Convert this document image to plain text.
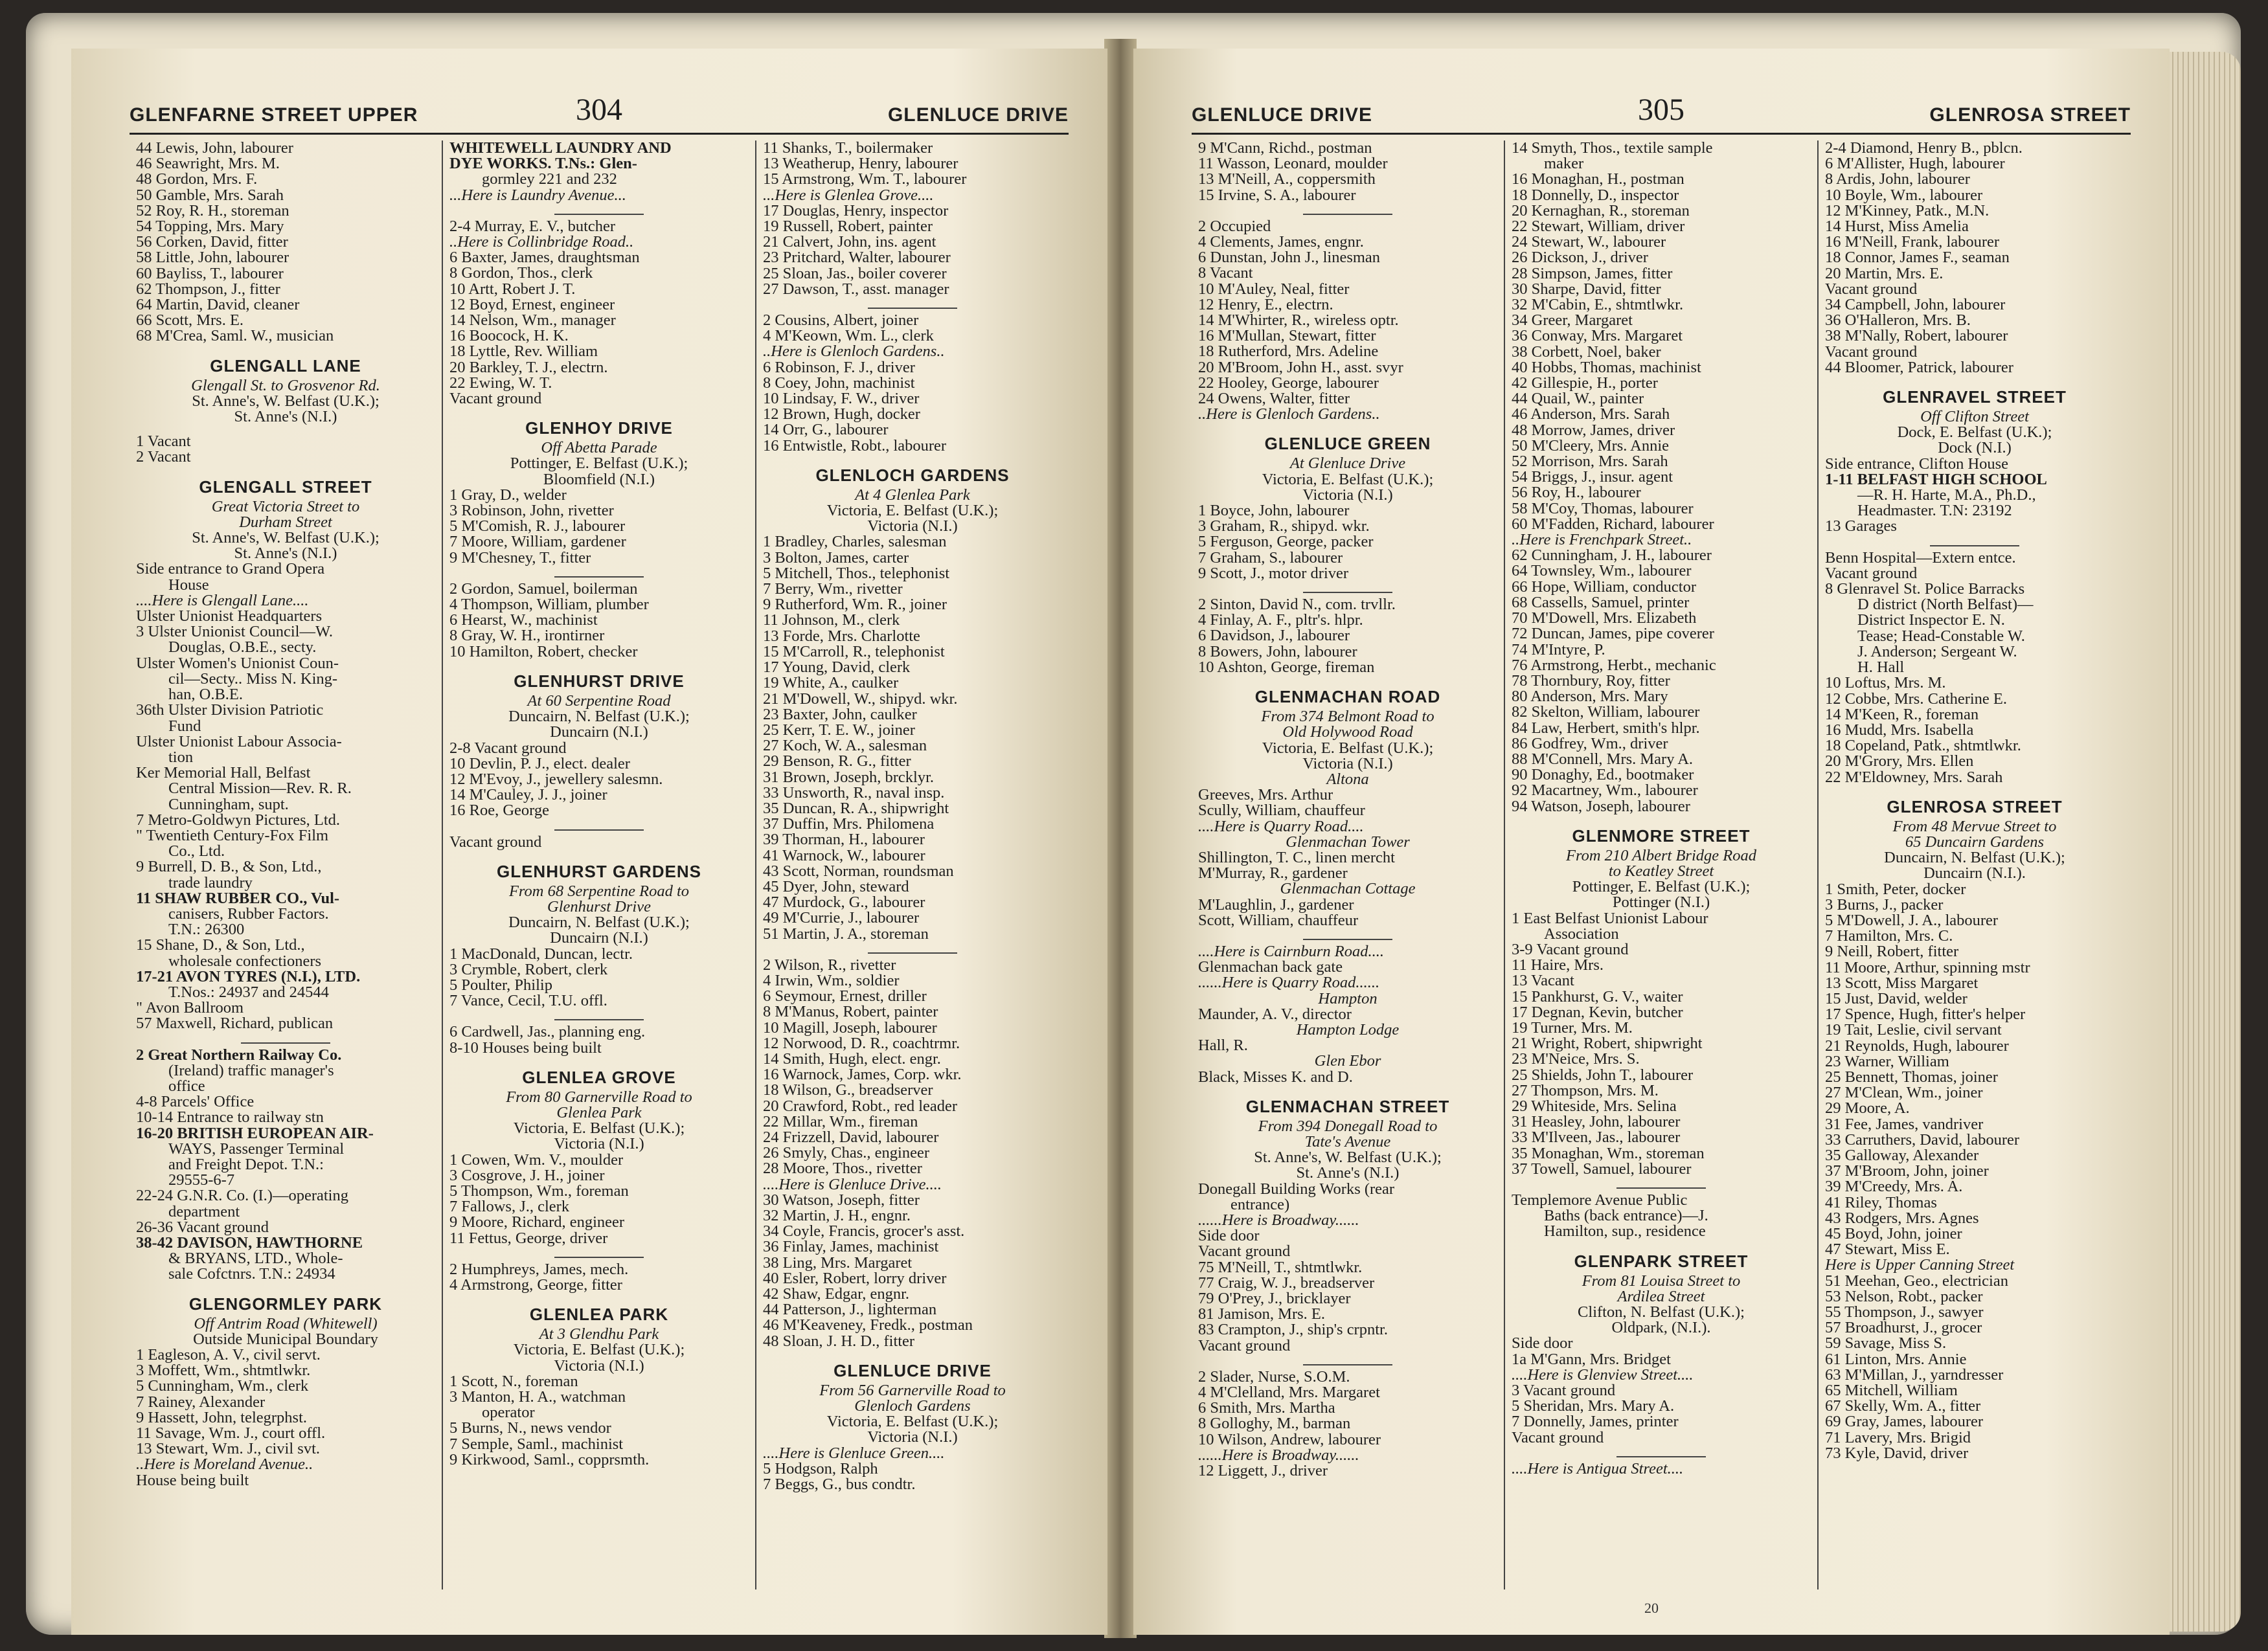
GLENFARNE STREET UPPER	304	GLENLUCE DRIVE
44 Lewis, John, labourer
46 Seawright, Mrs. M.
48 Gordon, Mrs. F.
50 Gamble, Mrs. Sarah
52 Roy, R. H., storeman
54 Topping, Mrs. Mary
56 Corken, David, fitter
58 Little, John, labourer
60 Bayliss, T., labourer
62 Thompson, J., fitter
64 Martin, David, cleaner
66 Scott, Mrs. E.
68 M'Crea, Saml. W., musician
GLENGALL LANE
Glengall St. to Grosvenor Rd.
St. Anne's, W. Belfast (U.K.);
St. Anne's (N.I.)
1 Vacant
2 Vacant
GLENGALL STREET
Great Victoria Street to
Durham Street
St. Anne's, W. Belfast (U.K.);
St. Anne's (N.I.)
Side entrance to Grand Opera
House
....Here is Glengall Lane....
Ulster Unionist Headquarters
3 Ulster Unionist Council—W.
Douglas, O.B.E., secty.
Ulster Women's Unionist Coun-
cil—Secty.. Miss N. King-
han, O.B.E.
36th Ulster Division Patriotic
Fund
Ulster Unionist Labour Associa-
tion
Ker Memorial Hall, Belfast
Central Mission—Rev. R. R.
Cunningham, supt.
7 Metro-Goldwyn Pictures, Ltd.
" Twentieth Century-Fox Film
Co., Ltd.
9 Burrell, D. B., & Son, Ltd.,
trade laundry
11 SHAW RUBBER CO., Vul-
canisers, Rubber Factors.
T.N.: 26300
15 Shane, D., & Son, Ltd.,
wholesale confectioners
17-21 AVON TYRES (N.I.), LTD.
T.Nos.: 24937 and 24544
" Avon Ballroom
57 Maxwell, Richard, publican
2 Great Northern Railway Co.
(Ireland) traffic manager's
office
4-8 Parcels' Office
10-14 Entrance to railway stn
16-20 BRITISH EUROPEAN AIR-
WAYS, Passenger Terminal
and Freight Depot. T.N.:
29555-6-7
22-24 G.N.R. Co. (I.)—operating
department
26-36 Vacant ground
38-42 DAVISON, HAWTHORNE
& BRYANS, LTD., Whole-
sale Cofctnrs. T.N.: 24934
GLENGORMLEY PARK
Off Antrim Road (Whitewell)
Outside Municipal Boundary
1 Eagleson, A. V., civil servt.
3 Moffett, Wm., shtmtlwkr.
5 Cunningham, Wm., clerk
7 Rainey, Alexander
9 Hassett, John, telegrphst.
11 Savage, Wm. J., court offl.
13 Stewart, Wm. J., civil svt.
..Here is Moreland Avenue..
House being built
WHITEWELL LAUNDRY AND
DYE WORKS. T.Ns.: Glen-
gormley 221 and 232
...Here is Laundry Avenue...
2-4 Murray, E. V., butcher
..Here is Collinbridge Road..
6 Baxter, James, draughtsman
8 Gordon, Thos., clerk
10 Artt, Robert J. T.
12 Boyd, Ernest, engineer
14 Nelson, Wm., manager
16 Boocock, H. K.
18 Lyttle, Rev. William
20 Barkley, T. J., electrn.
22 Ewing, W. T.
Vacant ground
GLENHOY DRIVE
Off Abetta Parade
Pottinger, E. Belfast (U.K.);
Bloomfield (N.I.)
1 Gray, D., welder
3 Robinson, John, rivetter
5 M'Comish, R. J., labourer
7 Moore, William, gardener
9 M'Chesney, T., fitter
2 Gordon, Samuel, boilerman
4 Thompson, William, plumber
6 Hearst, W., machinist
8 Gray, W. H., irontirner
10 Hamilton, Robert, checker
GLENHURST DRIVE
At 60 Serpentine Road
Duncairn, N. Belfast (U.K.);
Duncairn (N.I.)
2-8 Vacant ground
10 Devlin, P. J., elect. dealer
12 M'Evoy, J., jewellery salesmn.
14 M'Cauley, J. J., joiner
16 Roe, George
Vacant ground
GLENHURST GARDENS
From 68 Serpentine Road to
Glenhurst Drive
Duncairn, N. Belfast (U.K.);
Duncairn (N.I.)
1 MacDonald, Duncan, lectr.
3 Crymble, Robert, clerk
5 Poulter, Philip
7 Vance, Cecil, T.U. offl.
6 Cardwell, Jas., planning eng.
8-10 Houses being built
GLENLEA GROVE
From 80 Garnerville Road to
Glenlea Park
Victoria, E. Belfast (U.K.);
Victoria (N.I.)
1 Cowen, Wm. V., moulder
3 Cosgrove, J. H., joiner
5 Thompson, Wm., foreman
7 Fallows, J., clerk
9 Moore, Richard, engineer
11 Fettus, George, driver
2 Humphreys, James, mech.
4 Armstrong, George, fitter
GLENLEA PARK
At 3 Glendhu Park
Victoria, E. Belfast (U.K.);
Victoria (N.I.)
1 Scott, N., foreman
3 Manton, H. A., watchman
operator
5 Burns, N., news vendor
7 Semple, Saml., machinist
9 Kirkwood, Saml., copprsmth.
11 Shanks, T., boilermaker
13 Weatherup, Henry, labourer
15 Armstrong, Wm. T., labourer
...Here is Glenlea Grove....
17 Douglas, Henry, inspector
19 Russell, Robert, painter
21 Calvert, John, ins. agent
23 Pritchard, Walter, labourer
25 Sloan, Jas., boiler coverer
27 Dawson, T., asst. manager
2 Cousins, Albert, joiner
4 M'Keown, Wm. L., clerk
..Here is Glenloch Gardens..
6 Robinson, F. J., driver
8 Coey, John, machinist
10 Lindsay, F. W., driver
12 Brown, Hugh, docker
14 Orr, G., labourer
16 Entwistle, Robt., labourer
GLENLOCH GARDENS
At 4 Glenlea Park
Victoria, E. Belfast (U.K.);
Victoria (N.I.)
1 Bradley, Charles, salesman
3 Bolton, James, carter
5 Mitchell, Thos., telephonist
7 Berry, Wm., rivetter
9 Rutherford, Wm. R., joiner
11 Johnson, M., clerk
13 Forde, Mrs. Charlotte
15 M'Carroll, R., telephonist
17 Young, David, clerk
19 White, A., caulker
21 M'Dowell, W., shipyd. wkr.
23 Baxter, John, caulker
25 Kerr, T. E. W., joiner
27 Koch, W. A., salesman
29 Benson, R. G., fitter
31 Brown, Joseph, brcklyr.
33 Unsworth, R., naval insp.
35 Duncan, R. A., shipwright
37 Duffin, Mrs. Philomena
39 Thorman, H., labourer
41 Warnock, W., labourer
43 Scott, Norman, roundsman
45 Dyer, John, steward
47 Murdock, G., labourer
49 M'Currie, J., labourer
51 Martin, J. A., storeman
2 Wilson, R., rivetter
4 Irwin, Wm., soldier
6 Seymour, Ernest, driller
8 M'Manus, Robert, painter
10 Magill, Joseph, labourer
12 Norwood, D. R., coachtrmr.
14 Smith, Hugh, elect. engr.
16 Warnock, James, Corp. wkr.
18 Wilson, G., breadserver
20 Crawford, Robt., red leader
22 Millar, Wm., fireman
24 Frizzell, David, labourer
26 Smyly, Chas., engineer
28 Moore, Thos., rivetter
....Here is Glenluce Drive....
30 Watson, Joseph, fitter
32 Martin, J. H., engnr.
34 Coyle, Francis, grocer's asst.
36 Finlay, James, machinist
38 Ling, Mrs. Margaret
40 Esler, Robert, lorry driver
42 Shaw, Edgar, engnr.
44 Patterson, J., lighterman
46 M'Keaveney, Fredk., postman
48 Sloan, J. H. D., fitter
GLENLUCE DRIVE
From 56 Garnerville Road to
Glenloch Gardens
Victoria, E. Belfast (U.K.);
Victoria (N.I.)
....Here is Glenluce Green....
5 Hodgson, Ralph
7 Beggs, G., bus condtr.
GLENLUCE DRIVE	305	GLENROSA STREET
9 M'Cann, Richd., postman
11 Wasson, Leonard, moulder
13 M'Neill, A., coppersmith
15 Irvine, S. A., labourer
2 Occupied
4 Clements, James, engnr.
6 Dunstan, John J., linesman
8 Vacant
10 M'Auley, Neal, fitter
12 Henry, E., electrn.
14 M'Whirter, R., wireless optr.
16 M'Mullan, Stewart, fitter
18 Rutherford, Mrs. Adeline
20 M'Broom, John H., asst. svyr
22 Hooley, George, labourer
24 Owens, Walter, fitter
..Here is Glenloch Gardens..
GLENLUCE GREEN
At Glenluce Drive
Victoria, E. Belfast (U.K.);
Victoria (N.I.)
1 Boyce, John, labourer
3 Graham, R., shipyd. wkr.
5 Ferguson, George, packer
7 Graham, S., labourer
9 Scott, J., motor driver
2 Sinton, David N., com. trvllr.
4 Finlay, A. F., pltr's. hlpr.
6 Davidson, J., labourer
8 Bowers, John, labourer
10 Ashton, George, fireman
GLENMACHAN ROAD
From 374 Belmont Road to
Old Holywood Road
Victoria, E. Belfast (U.K.);
Victoria (N.I.)
Altona
Greeves, Mrs. Arthur
Scully, William, chauffeur
....Here is Quarry Road....
Glenmachan Tower
Shillington, T. C., linen mercht
M'Murray, R., gardener
Glenmachan Cottage
M'Laughlin, J., gardener
Scott, William, chauffeur
....Here is Cairnburn Road....
Glenmachan back gate
......Here is Quarry Road......
Hampton
Maunder, A. V., director
Hampton Lodge
Hall, R.
Glen Ebor
Black, Misses K. and D.
GLENMACHAN STREET
From 394 Donegall Road to
Tate's Avenue
St. Anne's, W. Belfast (U.K.);
St. Anne's (N.I.)
Donegall Building Works (rear
entrance)
......Here is Broadway......
Side door
Vacant ground
75 M'Neill, T., shtmtlwkr.
77 Craig, W. J., breadserver
79 O'Prey, J., bricklayer
81 Jamison, Mrs. E.
83 Crampton, J., ship's crpntr.
Vacant ground
2 Slader, Nurse, S.O.M.
4 M'Clelland, Mrs. Margaret
6 Smith, Mrs. Martha
8 Golloghy, M., barman
10 Wilson, Andrew, labourer
......Here is Broadway......
12 Liggett, J., driver
14 Smyth, Thos., textile sample
maker
16 Monaghan, H., postman
18 Donnelly, D., inspector
20 Kernaghan, R., storeman
22 Stewart, William, driver
24 Stewart, W., labourer
26 Dickson, J., driver
28 Simpson, James, fitter
30 Sharpe, David, fitter
32 M'Cabin, E., shtmtlwkr.
34 Greer, Margaret
36 Conway, Mrs. Margaret
38 Corbett, Noel, baker
40 Hobbs, Thomas, machinist
42 Gillespie, H., porter
44 Quail, W., painter
46 Anderson, Mrs. Sarah
48 Morrow, James, driver
50 M'Cleery, Mrs. Annie
52 Morrison, Mrs. Sarah
54 Briggs, J., insur. agent
56 Roy, H., labourer
58 M'Coy, Thomas, labourer
60 M'Fadden, Richard, labourer
..Here is Frenchpark Street..
62 Cunningham, J. H., labourer
64 Townsley, Wm., labourer
66 Hope, William, conductor
68 Cassells, Samuel, printer
70 M'Dowell, Mrs. Elizabeth
72 Duncan, James, pipe coverer
74 M'Intyre, P.
76 Armstrong, Herbt., mechanic
78 Thornbury, Roy, fitter
80 Anderson, Mrs. Mary
82 Skelton, William, labourer
84 Law, Herbert, smith's hlpr.
86 Godfrey, Wm., driver
88 M'Connell, Mrs. Mary A.
90 Donaghy, Ed., bootmaker
92 Macartney, Wm., labourer
94 Watson, Joseph, labourer
GLENMORE STREET
From 210 Albert Bridge Road
to Keatley Street
Pottinger, E. Belfast (U.K.);
Pottinger (N.I.)
1 East Belfast Unionist Labour
Association
3-9 Vacant ground
11 Haire, Mrs.
13 Vacant
15 Pankhurst, G. V., waiter
17 Degnan, Kevin, butcher
19 Turner, Mrs. M.
21 Wright, Robert, shipwright
23 M'Neice, Mrs. S.
25 Shields, John T., labourer
27 Thompson, Mrs. M.
29 Whiteside, Mrs. Selina
31 Heasley, John, labourer
33 M'Ilveen, Jas., labourer
35 Monaghan, Wm., storeman
37 Towell, Samuel, labourer
Templemore Avenue Public
Baths (back entrance)—J.
Hamilton, sup., residence
GLENPARK STREET
From 81 Louisa Street to
Ardilea Street
Clifton, N. Belfast (U.K.);
Oldpark, (N.I.).
Side door
1a M'Gann, Mrs. Bridget
....Here is Glenview Street....
3 Vacant ground
5 Sheridan, Mrs. Mary A.
7 Donnelly, James, printer
Vacant ground
....Here is Antigua Street....
2-4 Diamond, Henry B., pblcn.
6 M'Allister, Hugh, labourer
8 Ardis, John, labourer
10 Boyle, Wm., labourer
12 M'Kinney, Patk., M.N.
14 Hurst, Miss Amelia
16 M'Neill, Frank, labourer
18 Connor, James F., seaman
20 Martin, Mrs. E.
Vacant ground
34 Campbell, John, labourer
36 O'Halleron, Mrs. B.
38 M'Nally, Robert, labourer
Vacant ground
44 Bloomer, Patrick, labourer
GLENRAVEL STREET
Off Clifton Street
Dock, E. Belfast (U.K.);
Dock (N.I.)
Side entrance, Clifton House
1-11 BELFAST HIGH SCHOOL
—R. H. Harte, M.A., Ph.D.,
Headmaster. T.N: 23192
13 Garages
Benn Hospital—Extern entce.
Vacant ground
8 Glenravel St. Police Barracks
D district (North Belfast)—
District Inspector E. N.
Tease; Head-Constable W.
J. Anderson; Sergeant W.
H. Hall
10 Loftus, Mrs. M.
12 Cobbe, Mrs. Catherine E.
14 M'Keen, R., foreman
16 Mudd, Mrs. Isabella
18 Copeland, Patk., shtmtlwkr.
20 M'Grory, Mrs. Ellen
22 M'Eldowney, Mrs. Sarah
GLENROSA STREET
From 48 Mervue Street to
65 Duncairn Gardens
Duncairn, N. Belfast (U.K.);
Duncairn (N.I.).
1 Smith, Peter, docker
3 Burns, J., packer
5 M'Dowell, J. A., labourer
7 Hamilton, Mrs. C.
9 Neill, Robert, fitter
11 Moore, Arthur, spinning mstr
13 Scott, Miss Margaret
15 Just, David, welder
17 Spence, Hugh, fitter's helper
19 Tait, Leslie, civil servant
21 Reynolds, Hugh, labourer
23 Warner, William
25 Bennett, Thomas, joiner
27 M'Clean, Wm., joiner
29 Moore, A.
31 Fee, James, vandriver
33 Carruthers, David, labourer
35 Galloway, Alexander
37 M'Broom, John, joiner
39 M'Creedy, Mrs. A.
41 Riley, Thomas
43 Rodgers, Mrs. Agnes
45 Boyd, John, joiner
47 Stewart, Miss E.
Here is Upper Canning Street
51 Meehan, Geo., electrician
53 Nelson, Robt., packer
55 Thompson, J., sawyer
57 Broadhurst, J., grocer
59 Savage, Miss S.
61 Linton, Mrs. Annie
63 M'Millan, J., yarndresser
65 Mitchell, William
67 Skelly, Wm. A., fitter
69 Gray, James, labourer
71 Lavery, Mrs. Brigid
73 Kyle, David, driver
20
